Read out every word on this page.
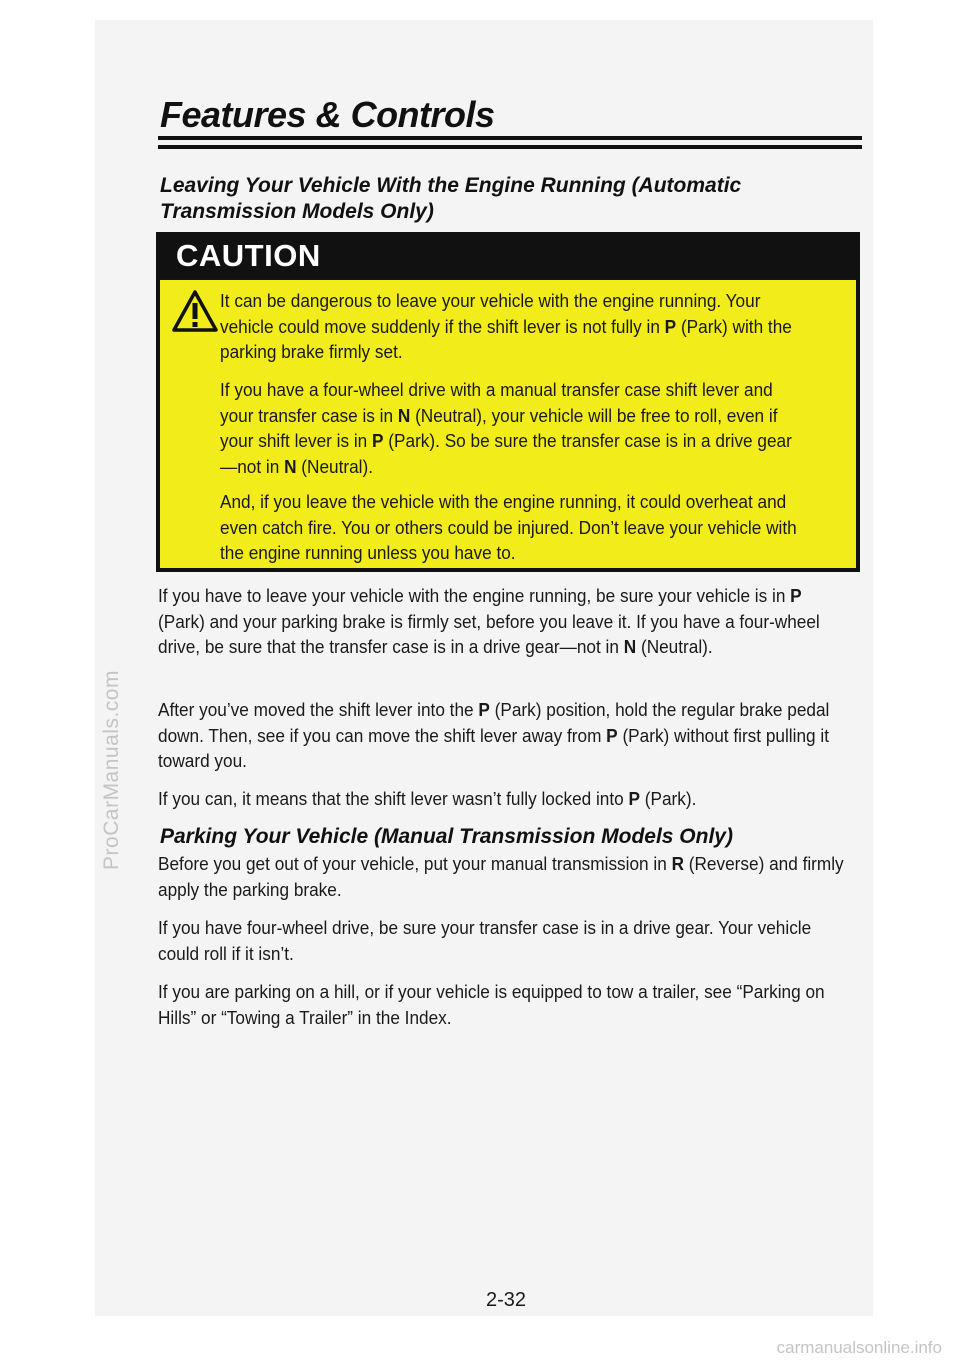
ProCarManuals.com
carmanualsonline.info
Features & Controls
Leaving Your Vehicle With the Engine Running (Automatic Transmission Models Only)
CAUTION
It can be dangerous to leave your vehicle with the engine running. Your vehicle could move suddenly if the shift lever is not fully in P (Park) with the parking brake firmly set.
If you have a four-wheel drive with a manual transfer case shift lever and your transfer case is in N (Neutral), your vehicle will be free to roll, even if your shift lever is in P (Park). So be sure the transfer case is in a drive gear—not in N (Neutral).
And, if you leave the vehicle with the engine running, it could overheat and even catch fire. You or others could be injured. Don’t leave your vehicle with the engine running unless you have to.
If you have to leave your vehicle with the engine running, be sure your vehicle is in P (Park) and your parking brake is firmly set, before you leave it. If you have a four-wheel drive, be sure that the transfer case is in a drive gear—not in N (Neutral).
After you’ve moved the shift lever into the P (Park) position, hold the regular brake pedal down. Then, see if you can move the shift lever away from P (Park) without first pulling it toward you.
If you can, it means that the shift lever wasn’t fully locked into P (Park).
Parking Your Vehicle (Manual Transmission Models Only)
Before you get out of your vehicle, put your manual transmission in R (Reverse) and firmly apply the parking brake.
If you have four-wheel drive, be sure your transfer case is in a drive gear. Your vehicle could roll if it isn’t.
If you are parking on a hill, or if your vehicle is equipped to tow a trailer, see “Parking on Hills” or “Towing a Trailer” in the Index.
2-32
